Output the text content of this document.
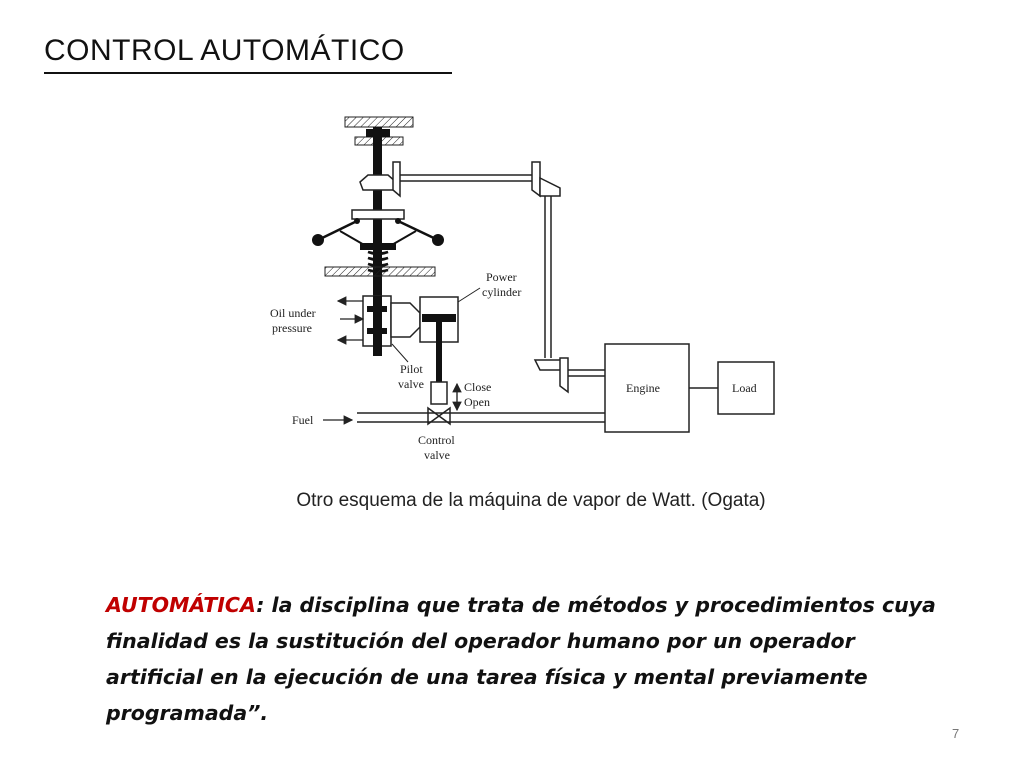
CONTROL AUTOMÁTICO
Power
cylinder
Oil under
pressure
Pilot
valve	Close
Open
Fuel
Control
valve
Engine	Load
Otro esquema de la máquina de vapor de Watt. (Ogata)

AUTOMÁTICA: la disciplina que trata de métodos y procedimientos cuya finalidad es la sustitución del operador humano por un operador artificial en la ejecución de una tarea física y mental previamente programada”.

7
